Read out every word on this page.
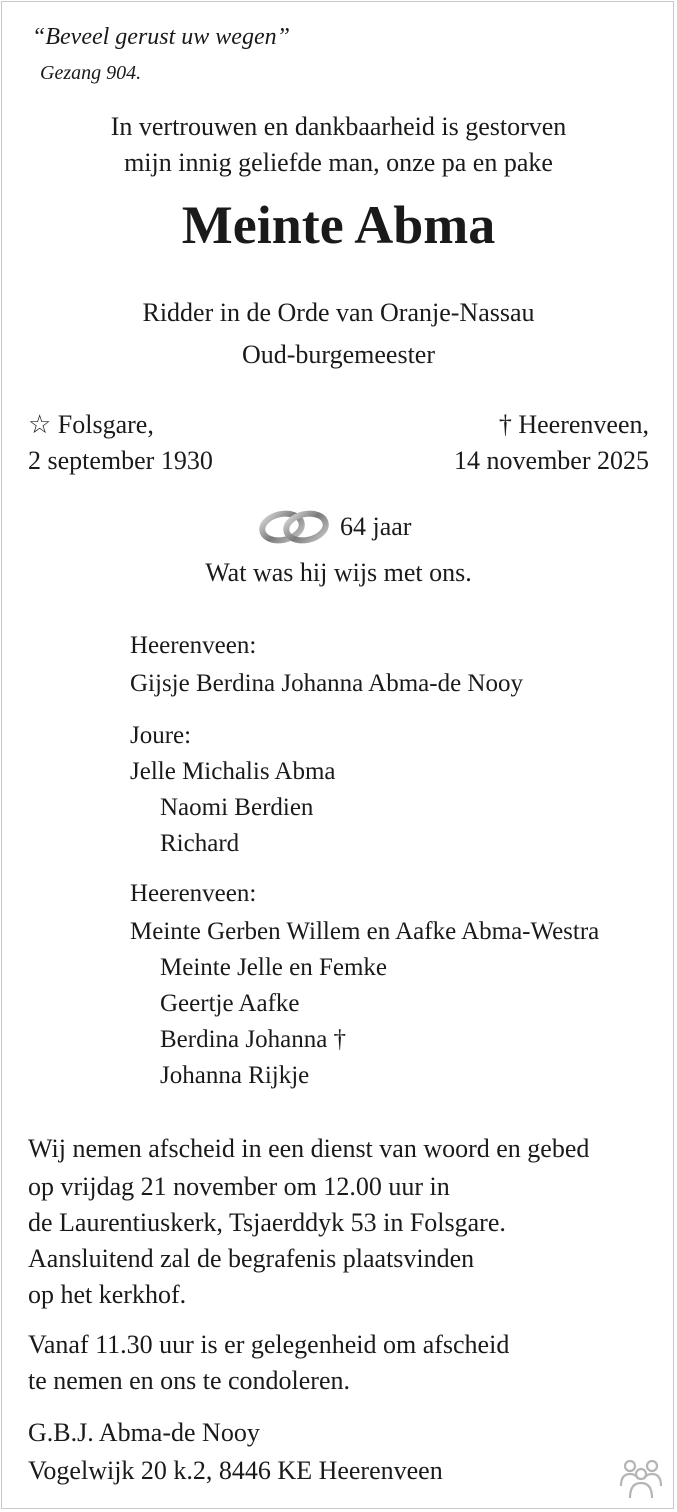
“Beveel gerust uw wegen”
Gezang 904.
In vertrouwen en dankbaarheid is gestorven
mijn innig geliefde man, onze pa en pake
Meinte Abma
Ridder in de Orde van Oranje-Nassau
Oud-burgemeester
☆ Folsgare,
2 september 1930
† Heerenveen,
14 november 2025
64 jaar
Wat was hij wijs met ons.
Heerenveen:
Gijsje Berdina Johanna Abma-de Nooy
Joure:
Jelle Michalis Abma
Naomi Berdien
Richard
Heerenveen:
Meinte Gerben Willem en Aafke Abma-Westra
Meinte Jelle en Femke
Geertje Aafke
Berdina Johanna †
Johanna Rijkje
Wij nemen afscheid in een dienst van woord en gebed
op vrijdag 21 november om 12.00 uur in
de Laurentiuskerk, Tsjaerddyk 53 in Folsgare.
Aansluitend zal de begrafenis plaatsvinden
op het kerkhof.
Vanaf 11.30 uur is er gelegenheid om afscheid
te nemen en ons te condoleren.
G.B.J. Abma-de Nooy
Vogelwijk 20 k.2, 8446 KE Heerenveen
